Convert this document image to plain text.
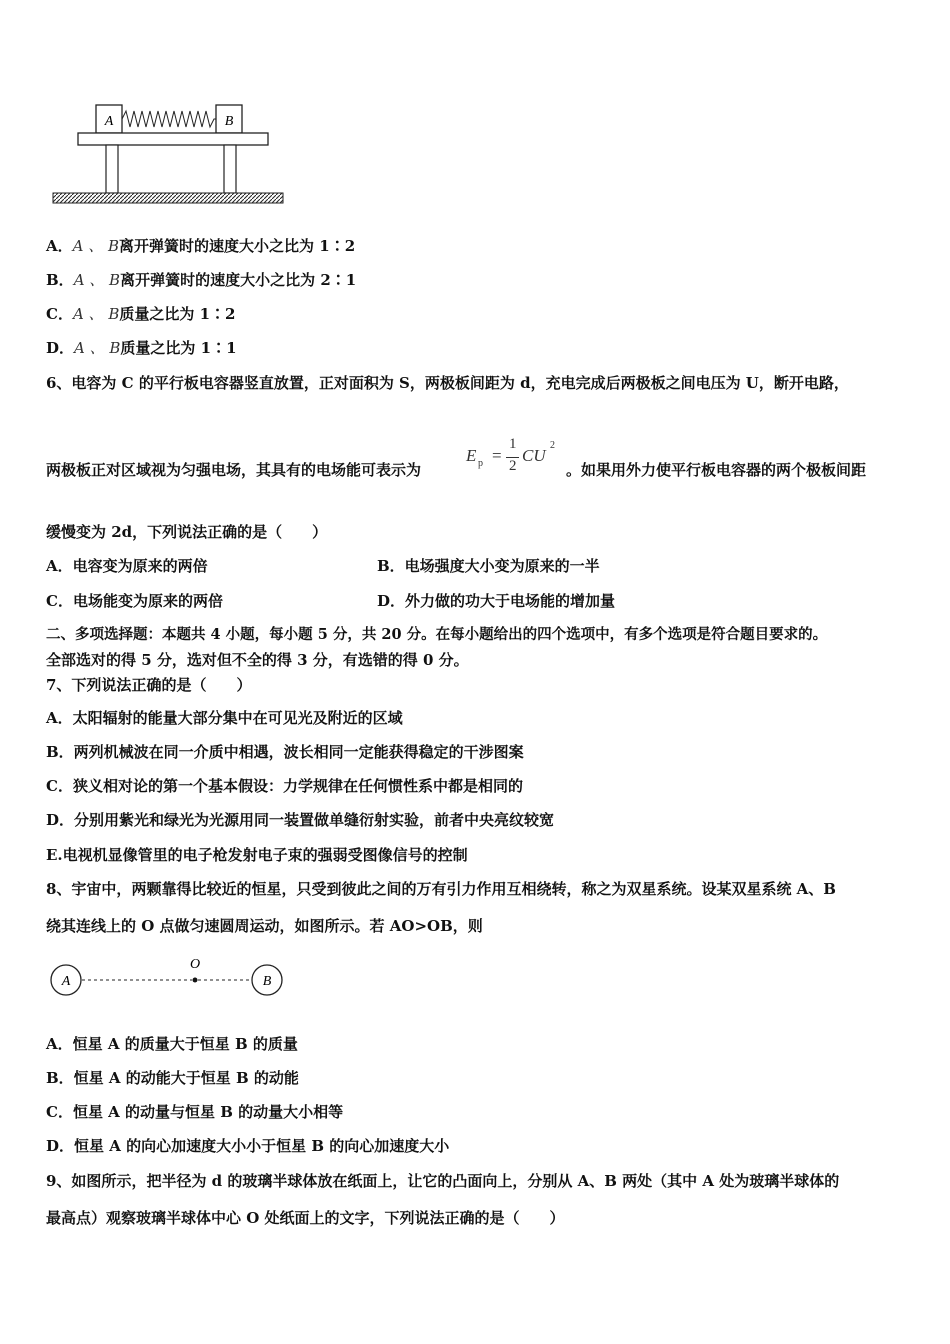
A	B
A．A 、 B离开弹簧时的速度大小之比为 1∶2
B．A 、 B离开弹簧时的速度大小之比为 2∶1
C．A 、 B质量之比为 1∶2
D．A 、 B质量之比为 1∶1
6、电容为 C 的平行板电容器竖直放置，正对面积为 S，两极板间距为 d，充电完成后两极板之间电压为 U，断开电路，
两极板正对区域视为匀强电场，其具有的电场能可表示为
E p =
1
2
CU
2
。如果用外力使平行板电容器的两个极板间距
缓慢变为 2d，下列说法正确的是（　　）
A．电容变为原来的两倍	B．电场强度大小变为原来的一半
C．电场能变为原来的两倍	D．外力做的功大于电场能的增加量
二、多项选择题：本题共 4 小题，每小题 5 分，共 20 分。在每小题给出的四个选项中，有多个选项是符合题目要求的。
全部选对的得 5 分，选对但不全的得 3 分，有选错的得 0 分。
7、下列说法正确的是（　　）
A．太阳辐射的能量大部分集中在可见光及附近的区域
B．两列机械波在同一介质中相遇，波长相同一定能获得稳定的干涉图案
C．狭义相对论的第一个基本假设：力学规律在任何惯性系中都是相同的
D．分别用紫光和绿光为光源用同一装置做单缝衍射实验，前者中央亮纹较宽
E.电视机显像管里的电子枪发射电子束的强弱受图像信号的控制
8、宇宙中，两颗靠得比较近的恒星，只受到彼此之间的万有引力作用互相绕转，称之为双星系统。设某双星系统 A、B
绕其连线上的 O 点做匀速圆周运动，如图所示。若 AO>OB，则
A
O
B
A．恒星 A 的质量大于恒星 B 的质量
B．恒星 A 的动能大于恒星 B 的动能
C．恒星 A 的动量与恒星 B 的动量大小相等
D．恒星 A 的向心加速度大小小于恒星 B 的向心加速度大小
9、如图所示，把半径为 d 的玻璃半球体放在纸面上，让它的凸面向上，分别从 A、B 两处（其中 A 处为玻璃半球体的
最高点）观察玻璃半球体中心 O 处纸面上的文字，下列说法正确的是（　　）
